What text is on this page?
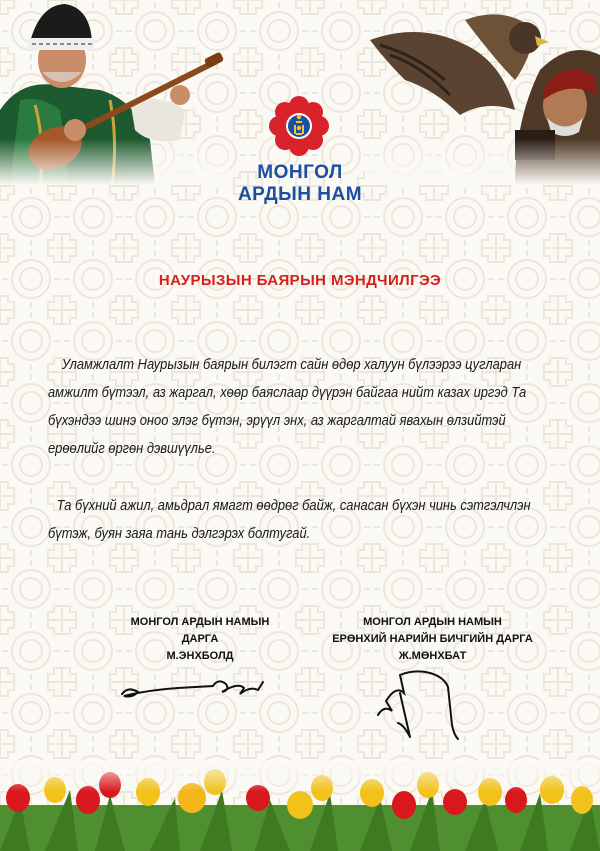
МОНГОЛ
АРДЫН НАМ
НАУРЫЗЫН БАЯРЫН МЭНДЧИЛГЭЭ
Уламжлалт Наурызын баярын билэгт сайн өдөр халуун бүлээрээ цугларан амжилт бүтээл, аз жаргал, хөөр баяслаар дүүрэн байгаа нийт казах иргэд Та бүхэндээ шинэ оноо элэг бүтэн, эрүүл энх, аз жаргалтай явахын өлзийтэй ерөөлийг өргөн дэвшүүлье.
Та бүхний ажил, амьдрал ямагт өөдрөг байж, санасан бүхэн чинь сэтгэлчлэн бүтэж, буян заяа тань дэлгэрэх болтугай.
МОНГОЛ АРДЫН НАМЫН
ДАРГА
М.ЭНХБОЛД
МОНГОЛ АРДЫН НАМЫН
ЕРӨНХИЙ НАРИЙН БИЧГИЙН ДАРГА
Ж.МӨНХБАТ
